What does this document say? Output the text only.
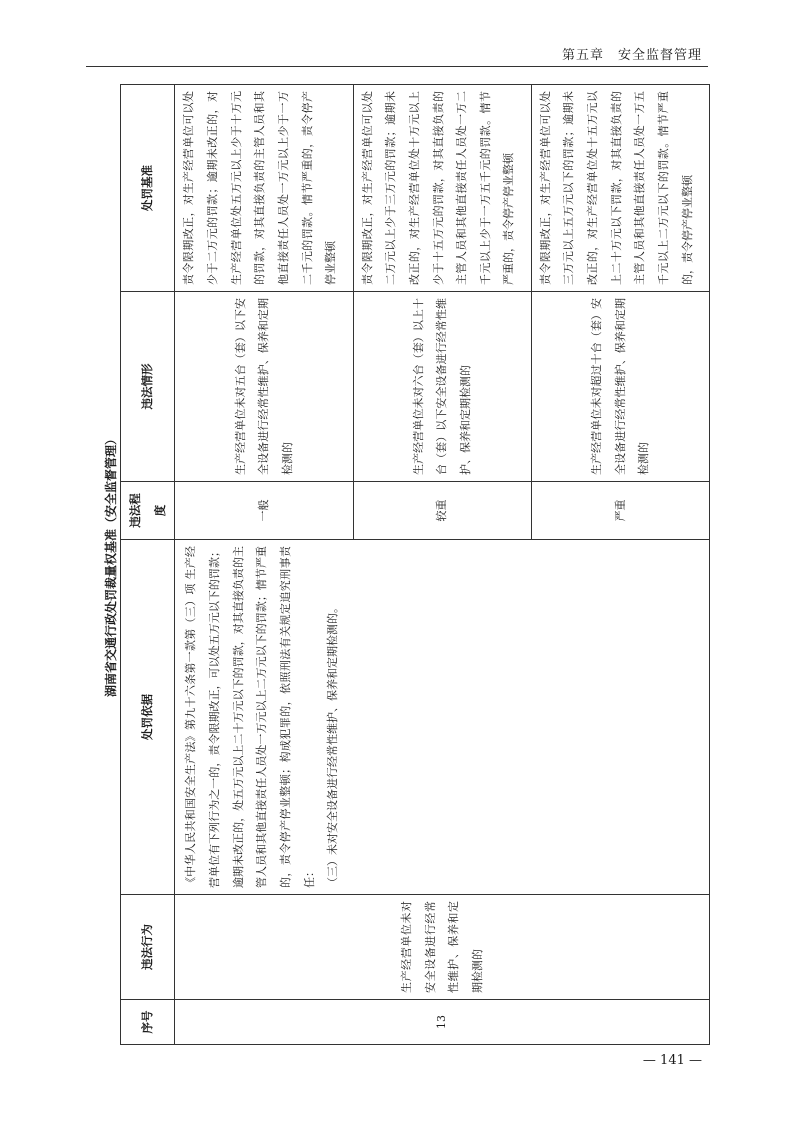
第五章　安全监督管理
湖南省交通行政处罚裁量权基准（安全监督管理）
序号	违法行为	处罚依据	违法程度	违法情形	处罚基准
13	生产经营单位未对安全设备进行经常性维护、保养和定期检测的	《中华人民共和国安全生产法》第九十六条第一款第（三）项 生产经营单位有下列行为之一的，责令限期改正，可以处五万元以下的罚款；逾期未改正的，处五万元以上二十万元以下的罚款，对其直接负责的主管人员和其他直接责任人员处一万元以上二万元以下的罚款；情节严重的，责令停产停业整顿；构成犯罪的，依照刑法有关规定追究刑事责任： （三）未对安全设备进行经常性维护、保养和定期检测的。	一般	生产经营单位未对五台（套）以下安全设备进行经常性维护、保养和定期检测的	责令限期改正，对生产经营单位可以处少于二万元的罚款；逾期未改正的，对生产经营单位处五万元以上少于十万元的罚款，对其直接负责的主管人员和其他直接责任人员处一万元以上少于一万二千元的罚款。情节严重的，责令停产停业整顿
			较重	生产经营单位未对六台（套）以上十台（套）以下安全设备进行经常性维护、保养和定期检测的	责令限期改正，对生产经营单位可以处二万元以上少于三万元的罚款；逾期未改正的，对生产经营单位处十万元以上少于十五万元的罚款，对其直接负责的主管人员和其他直接责任人员处一万二千元以上少于一万五千元的罚款。情节严重的，责令停产停业整顿
			严重	生产经营单位未对超过十台（套）安全设备进行经常性维护、保养和定期检测的	责令限期改正，对生产经营单位可以处三万元以上五万元以下的罚款；逾期未改正的，对生产经营单位处十五万元以上二十万元以下罚款，对其直接负责的主管人员和其他直接责任人员处一万五千元以上二万元以下的罚款。情节严重的，责令停产停业整顿
— 141 —
